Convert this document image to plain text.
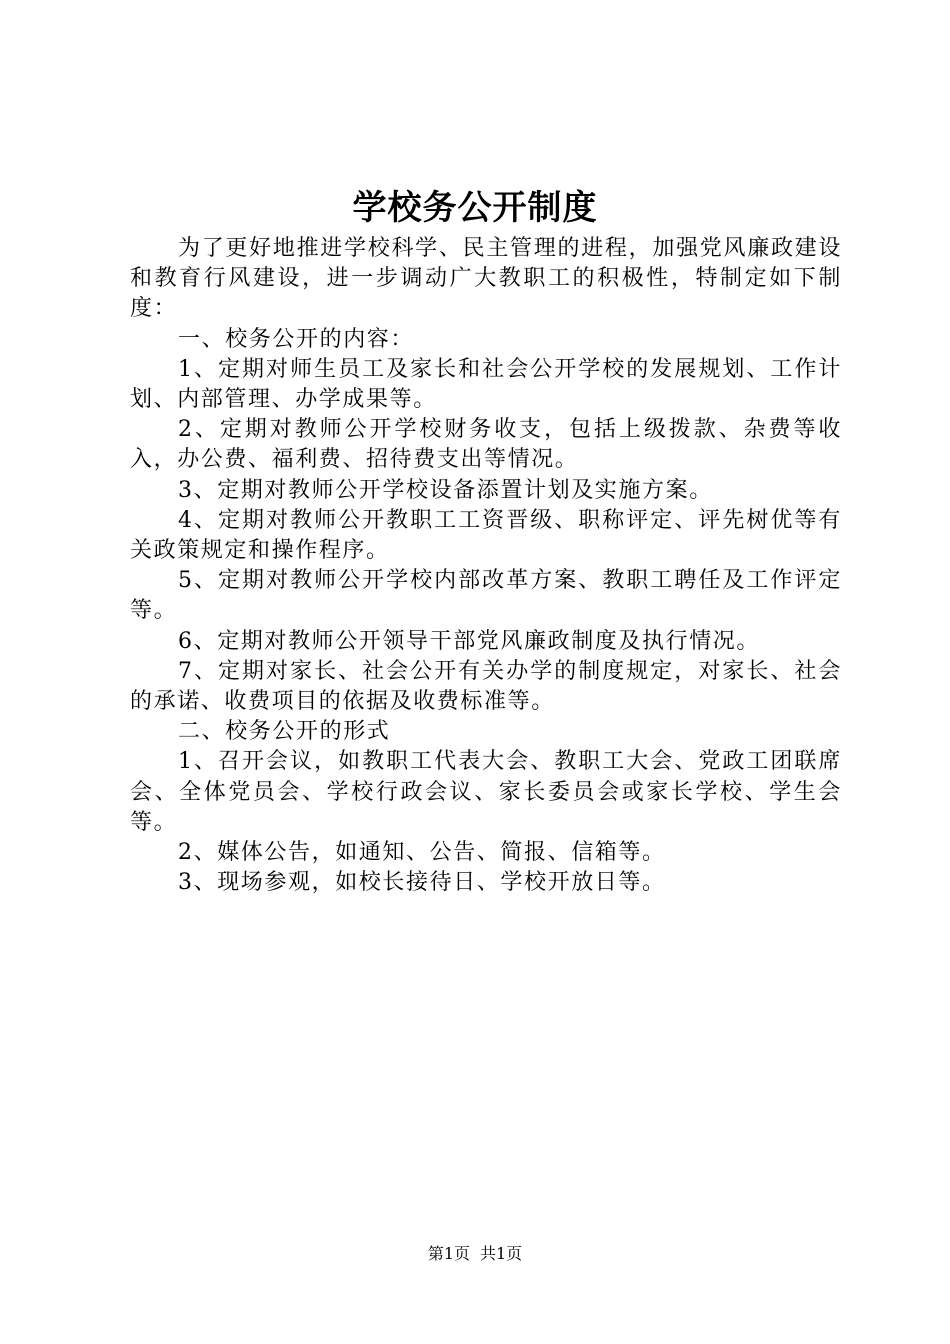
学校务公开制度

为了更好地推进学校科学、民主管理的进程，加强党风廉政建设和教育行风建设，进一步调动广大教职工的积极性，特制定如下制度：

一、校务公开的内容：

1、定期对师生员工及家长和社会公开学校的发展规划、工作计划、内部管理、办学成果等。

2、定期对教师公开学校财务收支，包括上级拨款、杂费等收入，办公费、福利费、招待费支出等情况。

3、定期对教师公开学校设备添置计划及实施方案。

4、定期对教师公开教职工工资晋级、职称评定、评先树优等有关政策规定和操作程序。

5、定期对教师公开学校内部改革方案、教职工聘任及工作评定等。

6、定期对教师公开领导干部党风廉政制度及执行情况。

7、定期对家长、社会公开有关办学的制度规定，对家长、社会的承诺、收费项目的依据及收费标准等。

二、校务公开的形式

1、召开会议，如教职工代表大会、教职工大会、党政工团联席会、全体党员会、学校行政会议、家长委员会或家长学校、学生会等。

2、媒体公告，如通知、公告、简报、信箱等。

3、现场参观，如校长接待日、学校开放日等。

第1页 共1页
